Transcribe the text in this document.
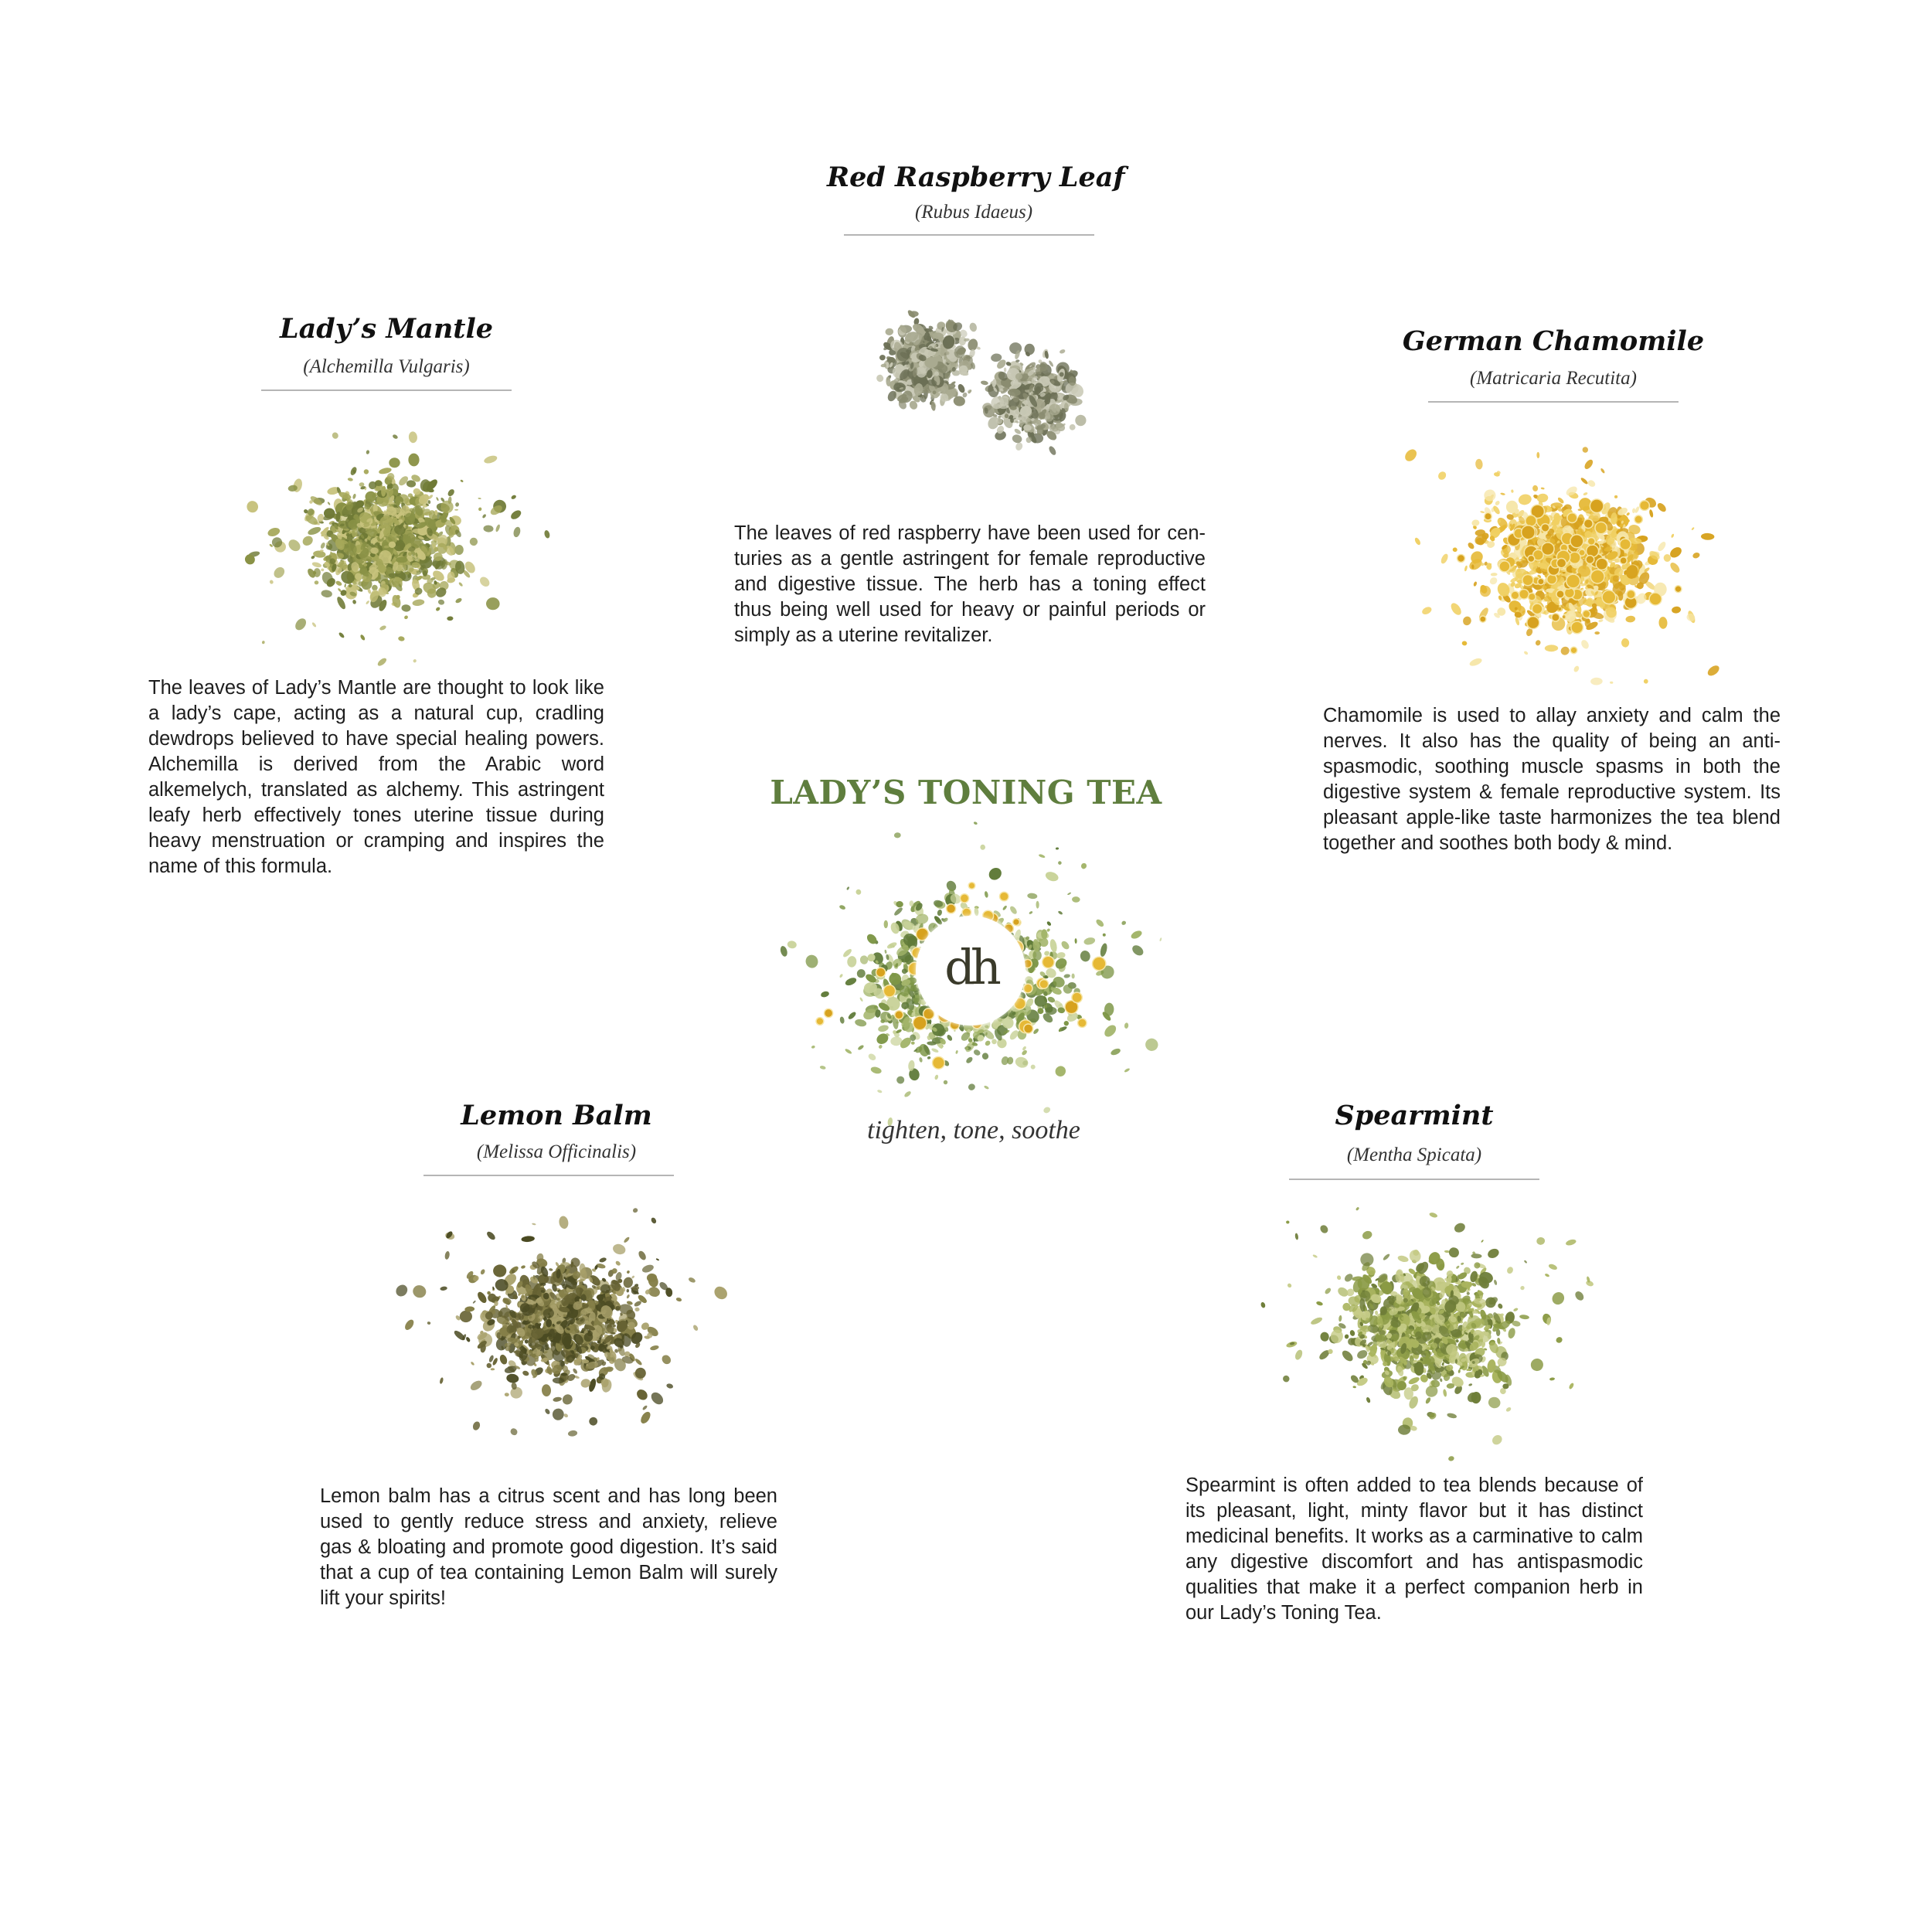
Red Raspberry Leaf
(Rubus Idaeus)

The leaves of red raspberry have been used for cen- turies as a gentle astringent for female reproductive and digestive tissue. The herb has a toning effect thus being well used for heavy or painful periods or simply as a uterine revitalizer.

Lady’s Mantle
(Alchemilla Vulgaris)

The leaves of Lady’s Mantle are thought to look like a lady’s cape, acting as a natural cup, cradling dewdrops believed to have special healing powers. Alchemilla is derived from the Arabic word alkemelych, translated as alchemy. This astringent leafy herb effectively tones uterine tissue during heavy menstruation or cramping and inspires the name of this formula.

German Chamomile
(Matricaria Recutita)

Chamomile is used to allay anxiety and calm the nerves. It also has the quality of being an anti- spasmodic, soothing muscle spasms in both the digestive system & female reproductive system. Its pleasant apple-like taste harmonizes the tea blend together and soothes both body & mind.

LADY’S TONING TEA
dh
tighten, tone, soothe
Lemon Balm
(Melissa Officinalis)

Lemon balm has a citrus scent and has long been used to gently reduce stress and anxiety, relieve gas & bloating and promote good digestion. It’s said that a cup of tea containing Lemon Balm will surely lift your spirits!

Spearmint
(Mentha Spicata)

Spearmint is often added to tea blends because of its pleasant, light, minty flavor but it has distinct medicinal benefits. It works as a carminative to calm any digestive discomfort and has antispasmodic qualities that make it a perfect companion herb in our Lady’s Toning Tea.
